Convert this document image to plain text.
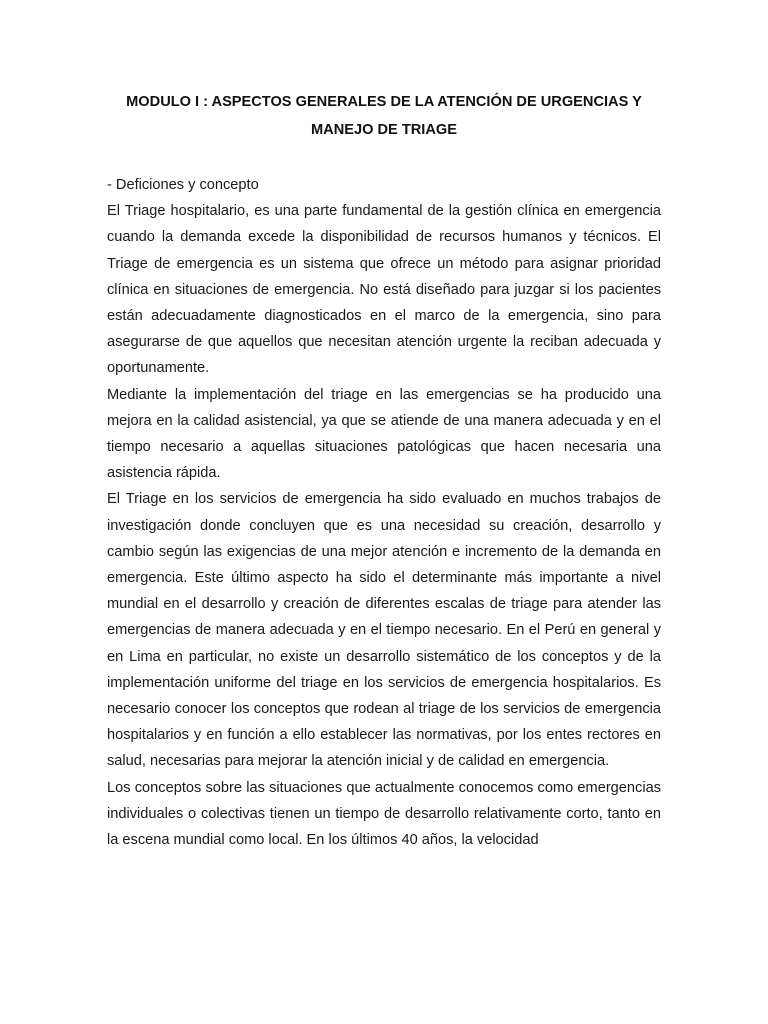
MODULO I : ASPECTOS GENERALES DE LA ATENCIÓN DE URGENCIAS Y
MANEJO DE TRIAGE

- Deficiones y concepto

El Triage hospitalario, es una parte fundamental de la gestión clínica en emergencia cuando la demanda excede la disponibilidad de recursos humanos y técnicos. El Triage de emergencia es un sistema que ofrece un método para asignar prioridad clínica en situaciones de emergencia. No está diseñado para juzgar si los pacientes están adecuadamente diagnosticados en el marco de la emergencia, sino para asegurarse de que aquellos que necesitan atención urgente la reciban adecuada y oportunamente.

Mediante la implementación del triage en las emergencias se ha producido una mejora en la calidad asistencial, ya que se atiende de una manera adecuada y en el tiempo necesario a aquellas situaciones patológicas que hacen necesaria una asistencia rápida.

El Triage en los servicios de emergencia ha sido evaluado en muchos trabajos de investigación donde concluyen que es una necesidad su creación, desarrollo y cambio según las exigencias de una mejor atención e incremento de la demanda en emergencia. Este último aspecto ha sido el determinante más importante a nivel mundial en el desarrollo y creación de diferentes escalas de triage para atender las emergencias de manera adecuada y en el tiempo necesario. En el Perú en general y en Lima en particular, no existe un desarrollo sistemático de los conceptos y de la implementación uniforme del triage en los servicios de emergencia hospitalarios. Es necesario conocer los conceptos que rodean al triage de los servicios de emergencia hospitalarios y en función a ello establecer las normativas, por los entes rectores en salud, necesarias para mejorar la atención inicial y de calidad en emergencia.

Los conceptos sobre las situaciones que actualmente conocemos como emergencias individuales o colectivas tienen un tiempo de desarrollo relativamente corto, tanto en la escena mundial como local. En los últimos 40 años, la velocidad
